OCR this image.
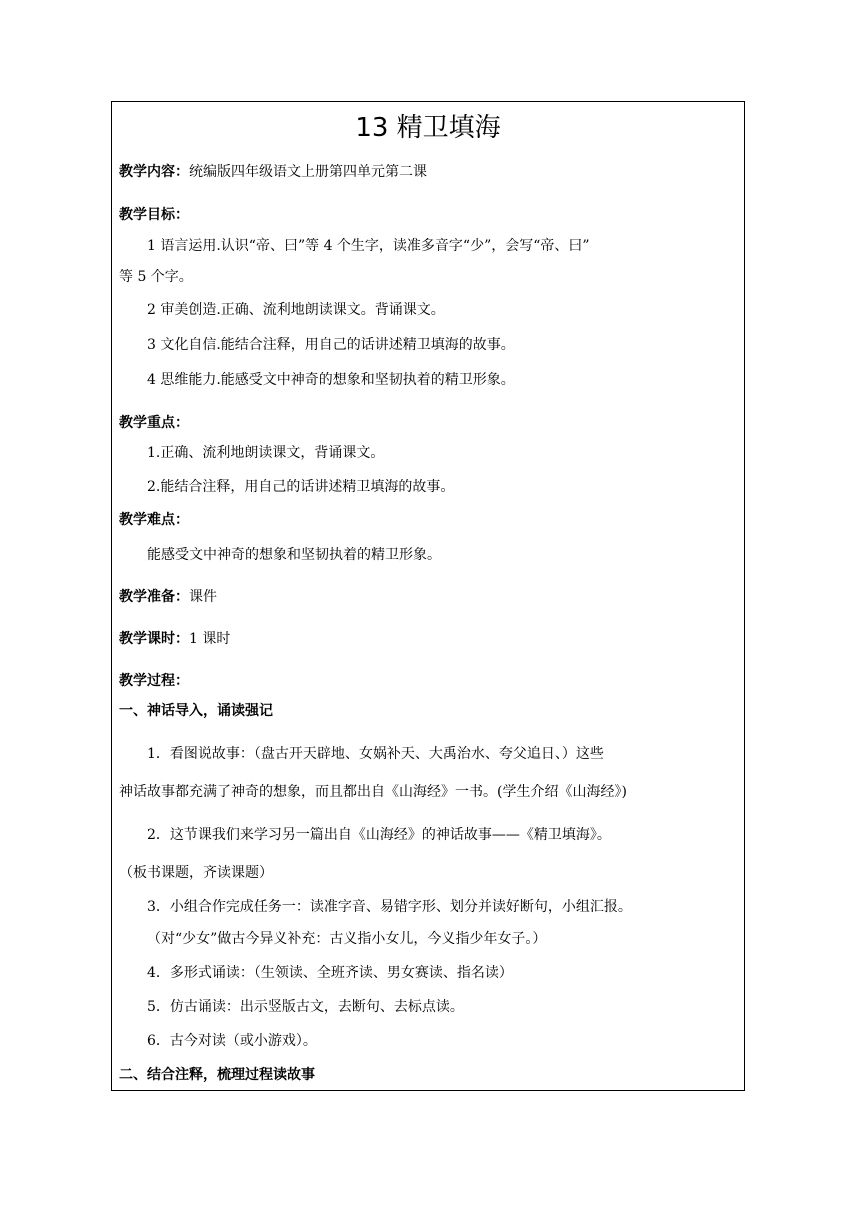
13 精卫填海
教学内容：统编版四年级语文上册第四单元第二课
教学目标：
1 语言运用.认识“帝、曰”等 4 个生字，读准多音字“少”，会写“帝、曰”
等 5 个字。
2 审美创造.正确、流利地朗读课文。背诵课文。
3 文化自信.能结合注释，用自己的话讲述精卫填海的故事。
4 思维能力.能感受文中神奇的想象和坚韧执着的精卫形象。
教学重点：
1.正确、流利地朗读课文，背诵课文。
2.能结合注释，用自己的话讲述精卫填海的故事。
教学难点：
能感受文中神奇的想象和坚韧执着的精卫形象。
教学准备：课件
教学课时：1 课时
教学过程：
一、神话导入，诵读强记
1．看图说故事：（盘古开天辟地、女娲补天、大禹治水、夸父追日、）这些
神话故事都充满了神奇的想象，而且都出自《山海经》一书。(学生介绍《山海经》)
2．这节课我们来学习另一篇出自《山海经》的神话故事——《精卫填海》。
（板书课题，齐读课题）
3．小组合作完成任务一：读准字音、易错字形、划分并读好断句，小组汇报。
（对“少女”做古今异义补充：古义指小女儿，今义指少年女子。）
4．多形式诵读：（生领读、全班齐读、男女赛读、指名读）
5．仿古诵读：出示竖版古文，去断句、去标点读。
6．古今对读（或小游戏）。
二、结合注释，梳理过程读故事
